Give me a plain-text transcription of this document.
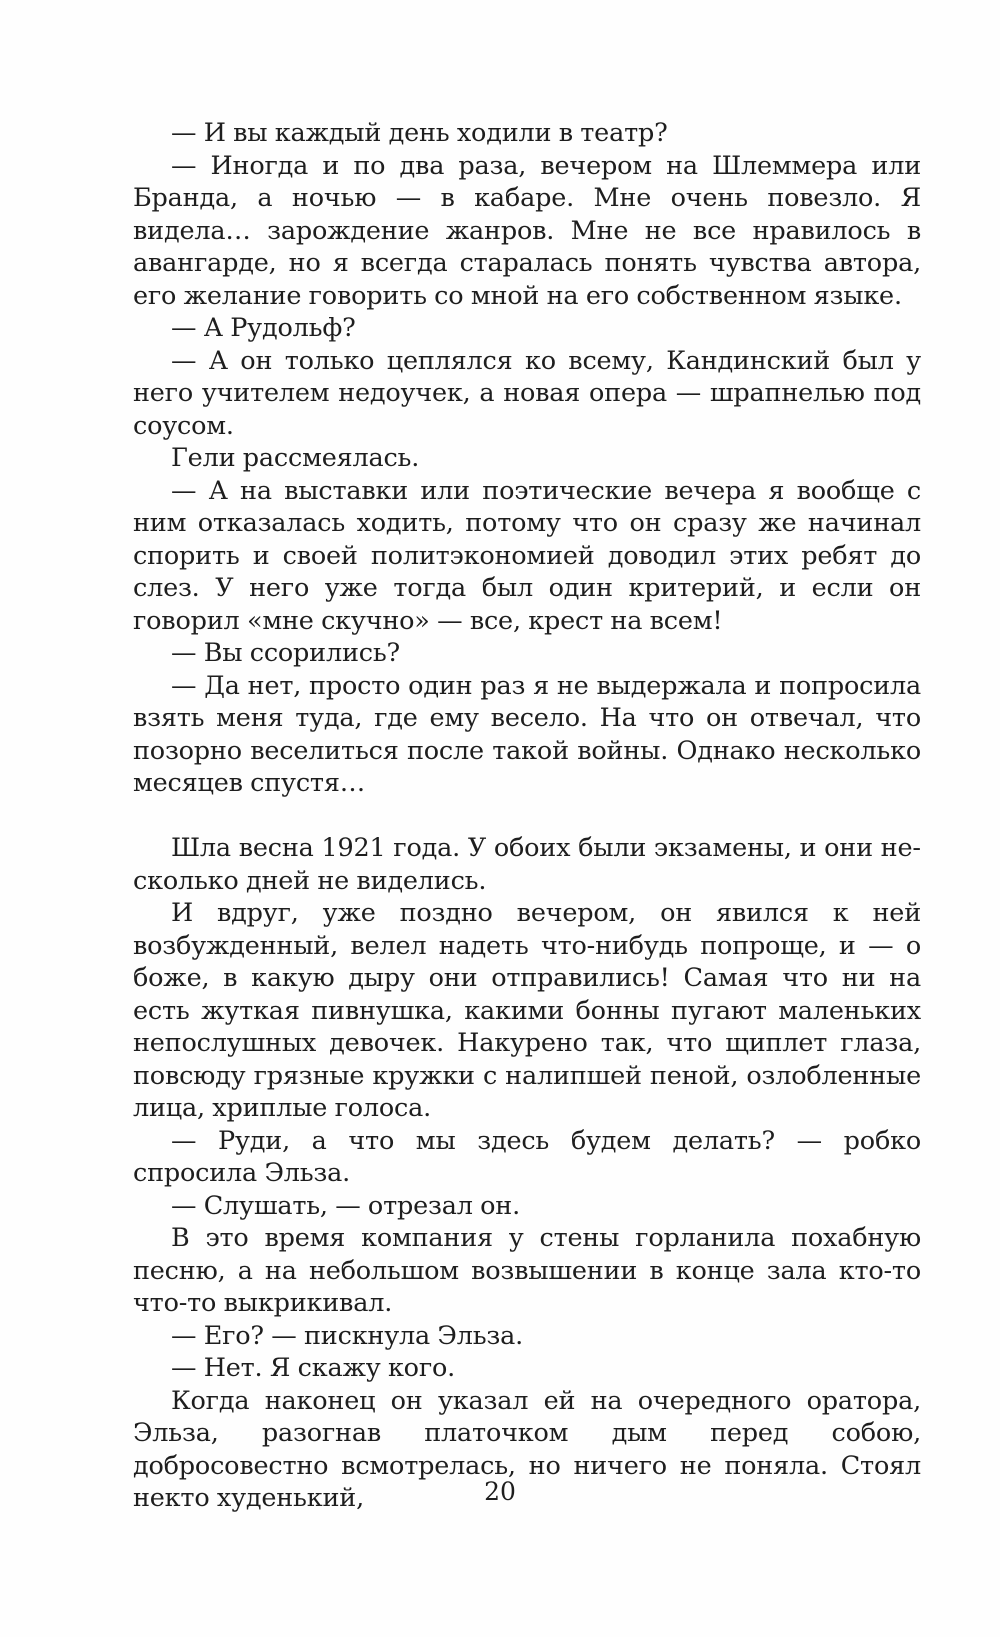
— И вы каждый день ходили в театр?

— Иногда и по два раза, вечером на Шлеммера или Бранда, а ночью — в кабаре. Мне очень повезло. Я видела… зарождение жанров. Мне не все нравилось в авангарде, но я всегда старалась понять чувства автора, его желание говорить со мной на его собственном языке.

— А Рудольф?

— А он только цеплялся ко всему, Кандинский был у него учителем недоучек, а новая опера — шрапнелью под соусом.

Гели рассмеялась.

— А на выставки или поэтические вечера я вообще с ним отказалась ходить, потому что он сразу же начинал спорить и своей политэкономией доводил этих ребят до слез. У него уже тогда был один критерий, и если он говорил «мне скучно» — все, крест на всем!

— Вы ссорились?

— Да нет, просто один раз я не выдержала и попросила взять меня туда, где ему весело. На что он отвечал, что позорно веселиться после такой войны. Однако несколько месяцев спустя…

Шла весна 1921 года. У обоих были экзамены, и они несколько дней не виделись.

И вдруг, уже поздно вечером, он явился к ней возбужденный, велел надеть что-нибудь попроще, и — о боже, в какую дыру они отправились! Самая что ни на есть жуткая пивнушка, какими бонны пугают маленьких непослушных девочек. Накурено так, что щиплет глаза, повсюду грязные кружки с налипшей пеной, озлобленные лица, хриплые голоса.

— Руди, а что мы здесь будем делать? — робко спросила Эльза.

— Слушать, — отрезал он.

В это время компания у стены горланила похабную песню, а на небольшом возвышении в конце зала кто-то что-то выкрикивал.

— Его? — пискнула Эльза.

— Нет. Я скажу кого.

Когда наконец он указал ей на очередного оратора, Эльза, разогнав платочком дым перед собою, добросовестно всмотрелась, но ничего не поняла. Стоял некто худенький,	20
